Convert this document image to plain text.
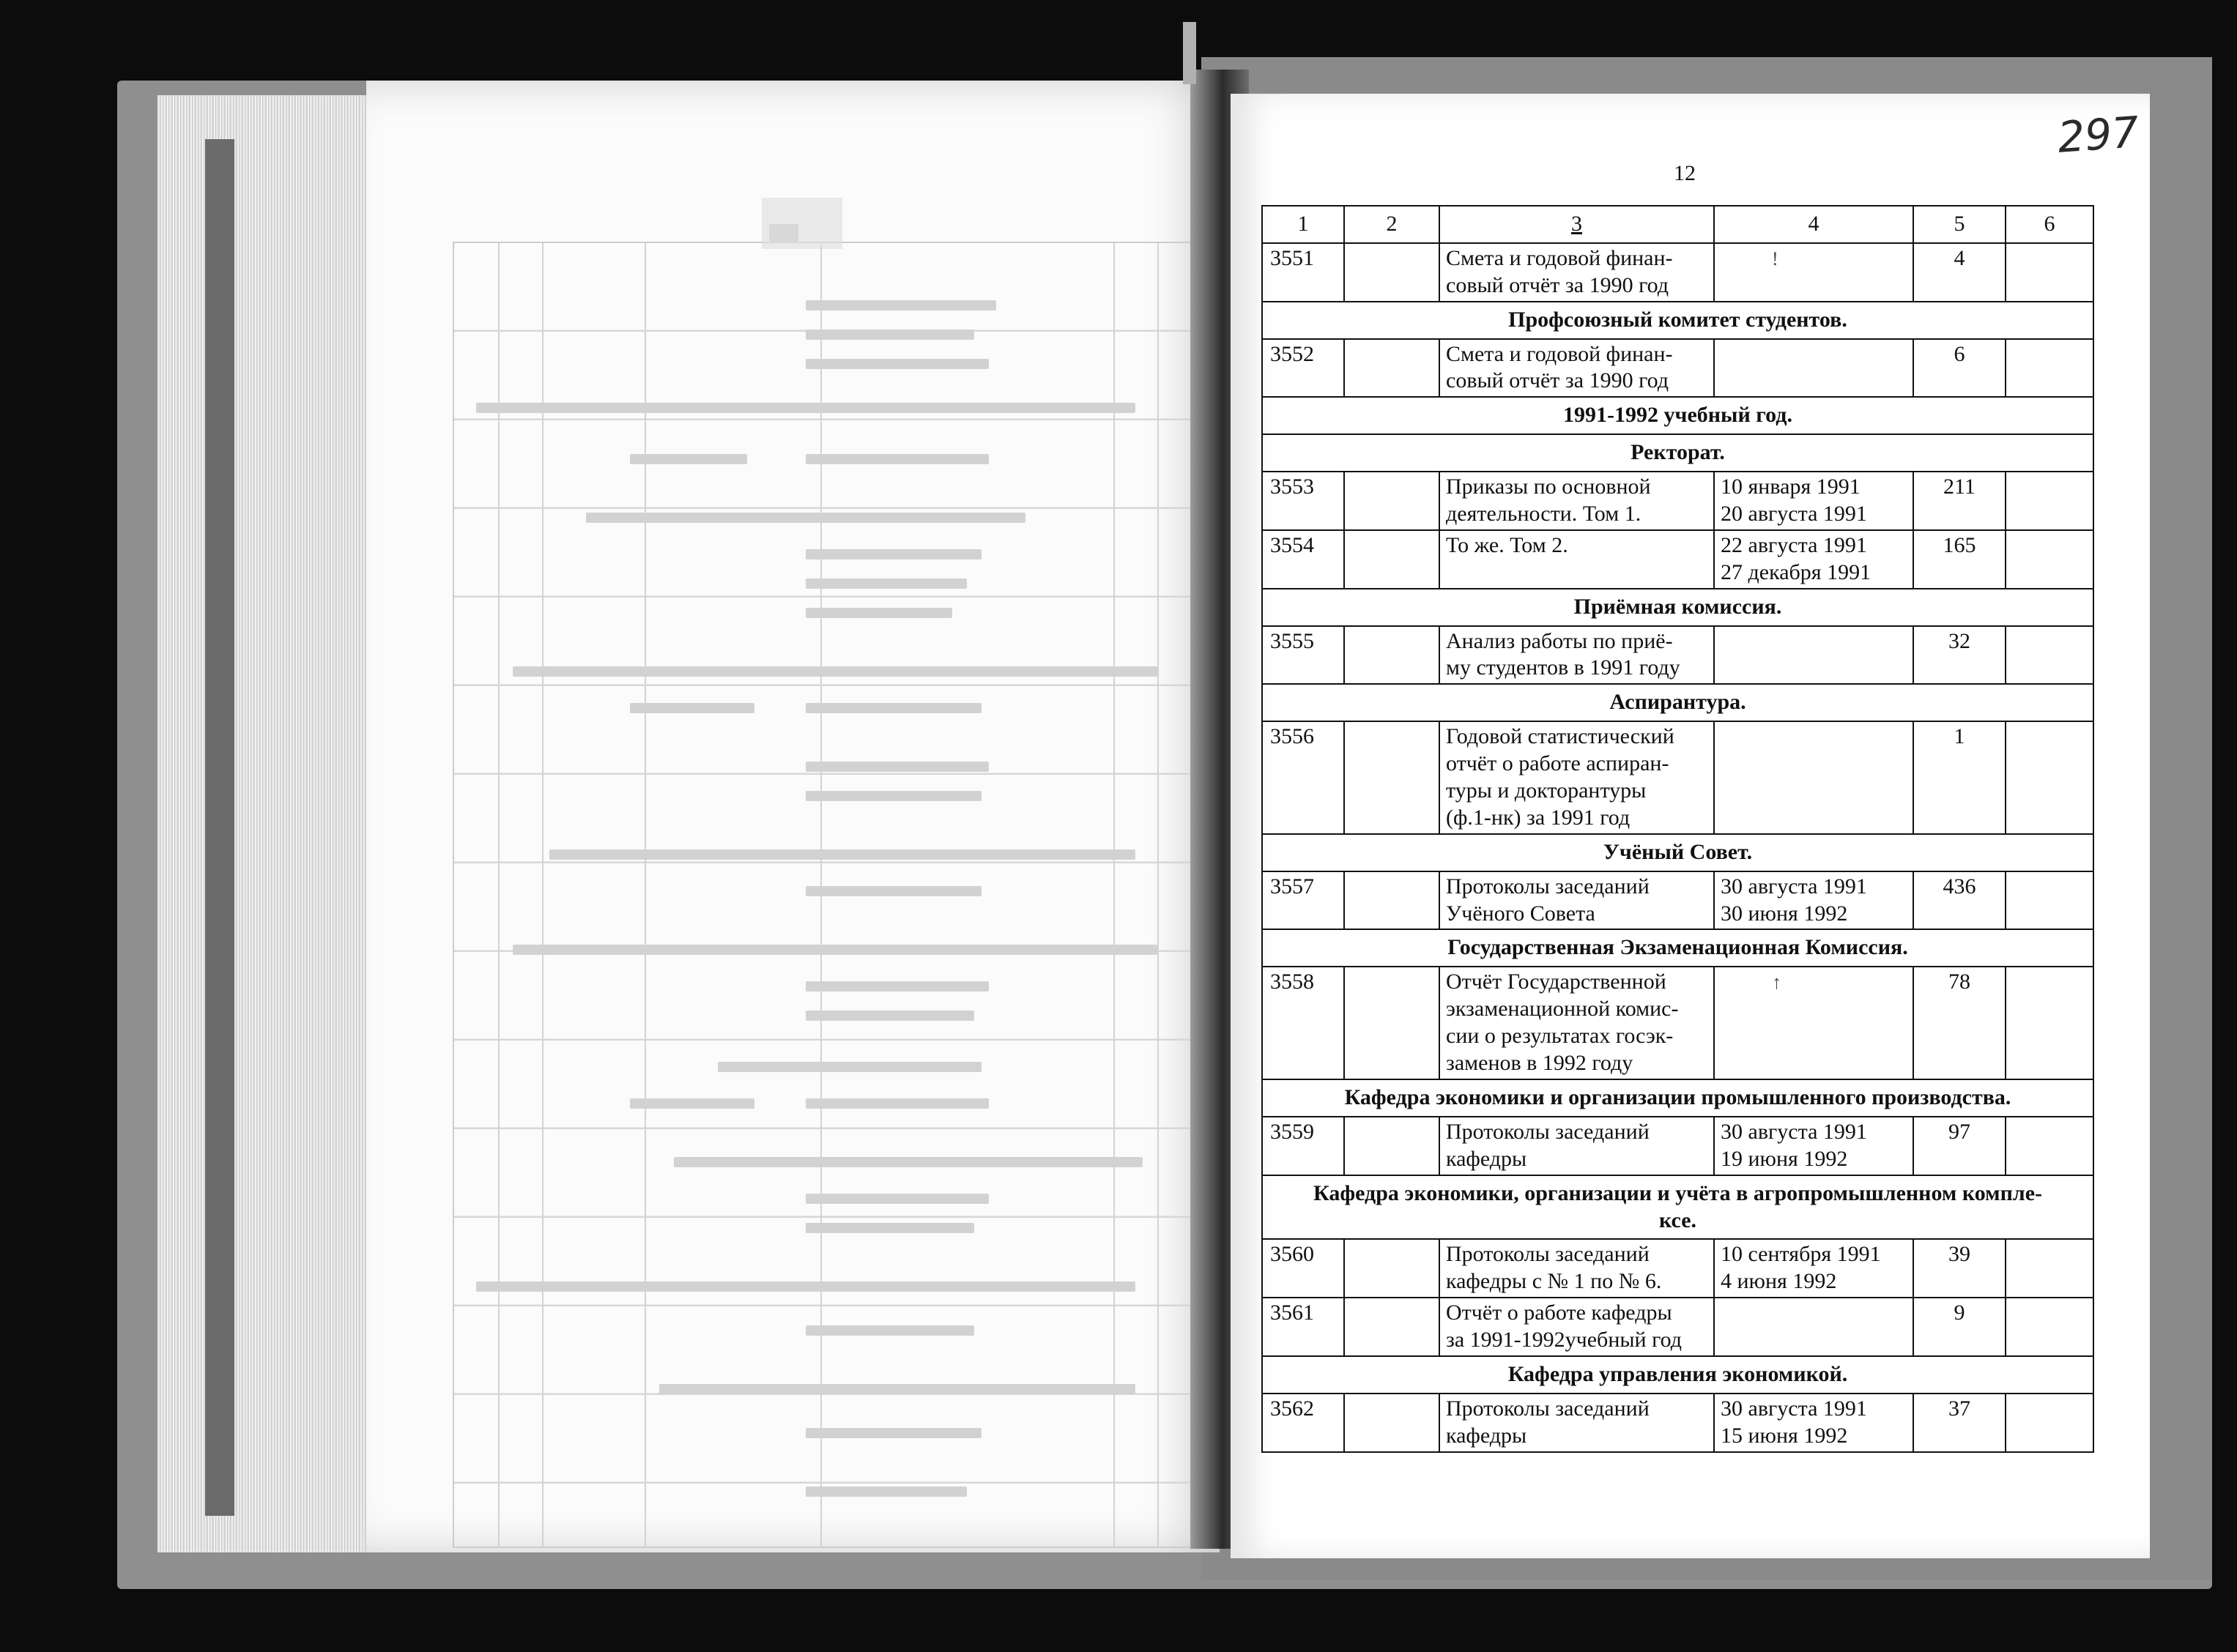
297
12
1	2	3	4	5	6
3551		Смета и годовой финан-
совый отчёт за 1990 год	!	4	
Профсоюзный комитет студентов.					
3552		Смета и годовой финан-
совый отчёт за 1990 год		6	
1991-1992 учебный год.					
Ректорат.					
3553		Приказы по основной
деятельности. Том 1.	10 января 1991
20 августа 1991	211	
3554		То же. Том 2.	22 августа 1991
27 декабря 1991	165	
Приёмная комиссия.					
3555		Анализ работы по приё-
му студентов в 1991 году		32	
Аспирантура.					
3556		Годовой статистический
отчёт о работе аспиран-
туры и докторантуры
(ф.1-нк) за 1991 год		1	
Учёный Совет.					
3557		Протоколы заседаний
Учёного Совета	30 августа 1991
30 июня 1992	436	
Государственная Экзаменационная Комиссия.					
3558		Отчёт Государственной
экзаменационной комис-
сии о результатах госэк-
заменов в 1992 году	↑	78	
Кафедра экономики и организации промышленного производства.					
3559		Протоколы заседаний
кафедры	30 августа 1991
19 июня 1992	97	
Кафедра экономики, организации и учёта в агропромышленном компле-
ксе.					
3560		Протоколы заседаний
кафедры с № 1 по № 6.	10 сентября 1991
4 июня 1992	39	
3561		Отчёт о работе кафедры
за 1991-1992учебный год		9	
Кафедра управления экономикой.					
3562		Протоколы заседаний
кафедры	30 августа 1991
15 июня 1992	37	
